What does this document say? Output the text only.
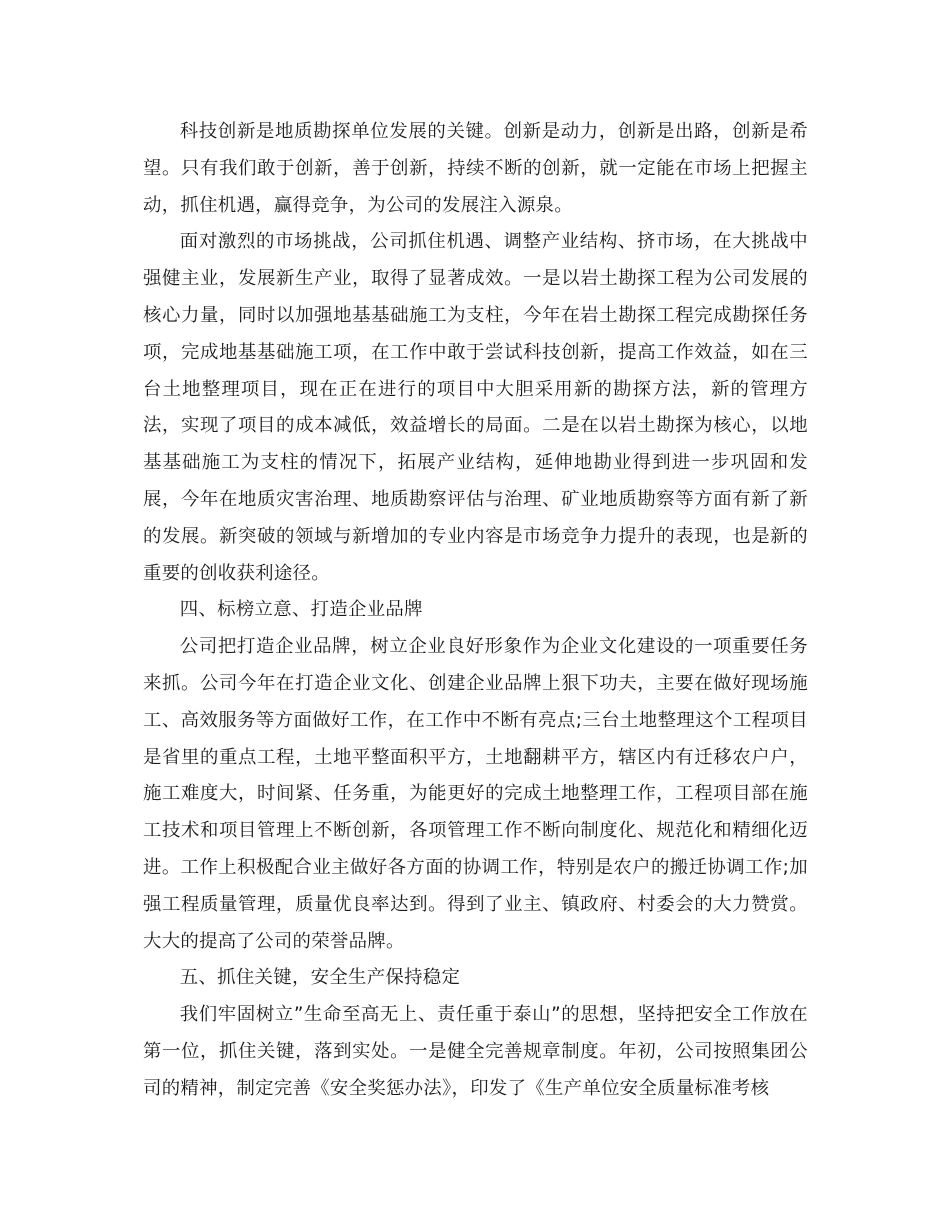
科技创新是地质勘探单位发展的关键。创新是动力，创新是出路，创新是希望。只有我们敢于创新，善于创新，持续不断的创新，就一定能在市场上把握主动，抓住机遇，赢得竞争，为公司的发展注入源泉。

面对激烈的市场挑战，公司抓住机遇、调整产业结构、挤市场，在大挑战中强健主业，发展新生产业，取得了显著成效。一是以岩土勘探工程为公司发展的核心力量，同时以加强地基基础施工为支柱，今年在岩土勘探工程完成勘探任务项，完成地基基础施工项，在工作中敢于尝试科技创新，提高工作效益，如在三台土地整理项目，现在正在进行的项目中大胆采用新的勘探方法，新的管理方法，实现了项目的成本减低，效益增长的局面。二是在以岩土勘探为核心，以地基基础施工为支柱的情况下，拓展产业结构，延伸地勘业得到进一步巩固和发展，今年在地质灾害治理、地质勘察评估与治理、矿业地质勘察等方面有新了新的发展。新突破的领域与新增加的专业内容是市场竞争力提升的表现，也是新的重要的创收获利途径。

四、标榜立意、打造企业品牌

公司把打造企业品牌，树立企业良好形象作为企业文化建设的一项重要任务来抓。公司今年在打造企业文化、创建企业品牌上狠下功夫，主要在做好现场施工、高效服务等方面做好工作，在工作中不断有亮点;三台土地整理这个工程项目是省里的重点工程，土地平整面积平方，土地翻耕平方，辖区内有迁移农户户，施工难度大，时间紧、任务重，为能更好的完成土地整理工作，工程项目部在施工技术和项目管理上不断创新，各项管理工作不断向制度化、规范化和精细化迈进。工作上积极配合业主做好各方面的协调工作，特别是农户的搬迁协调工作;加强工程质量管理，质量优良率达到。得到了业主、镇政府、村委会的大力赞赏。大大的提高了公司的荣誉品牌。

五、抓住关键，安全生产保持稳定

我们牢固树立”生命至高无上、责任重于泰山”的思想，坚持把安全工作放在第一位，抓住关键，落到实处。一是健全完善规章制度。年初，公司按照集团公司的精神，制定完善《安全奖惩办法》，印发了《生产单位安全质量标准考核
